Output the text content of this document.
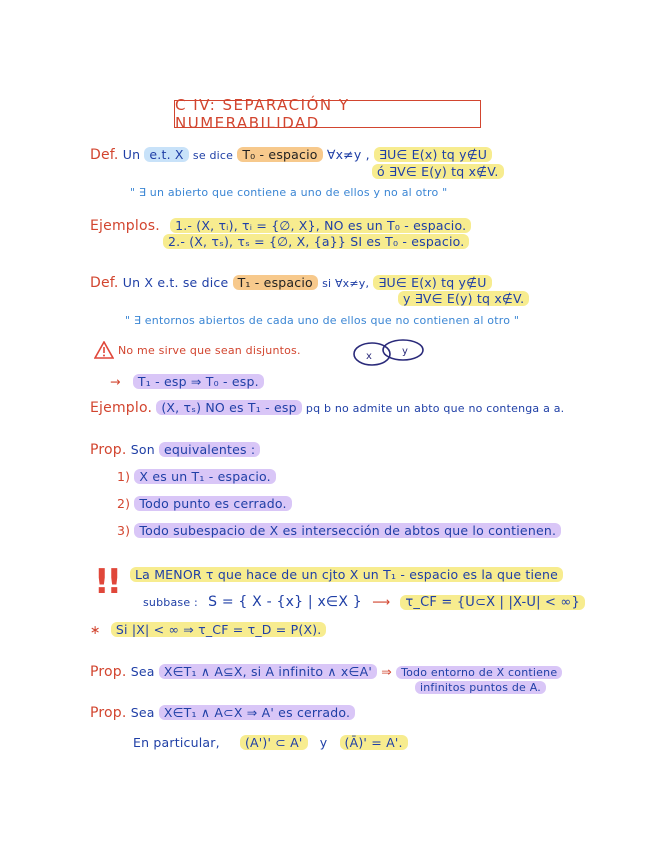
C IV: SEPARACIÓN Y NUMERABILIDAD
Def. Un e.t. X se dice T₀ - espacio ∀x≠y , ∃U∈ E(x) tq y∉U
ó ∃V∈ E(y) tq x∉V.
" ∃ un abierto que contiene a uno de ellos y no al otro "
Ejemplos. 1.- (X, τᵢ), τᵢ = {∅, X}, NO es un T₀ - espacio.
2.- (X, τₛ), τₛ = {∅, X, {a}} SI es T₀ - espacio.
Def. Un X e.t. se dice T₁ - espacio si ∀x≠y, ∃U∈ E(x) tq y∉U
y ∃V∈ E(y) tq x∉V.
" ∃ entornos abiertos de cada uno de ellos que no contienen al otro "
No me sirve que sean disjuntos.	x	y
→ T₁ - esp ⇒ T₀ - esp.
Ejemplo. (X, τₛ) NO es T₁ - esp pq b no admite un abto que no contenga a a.
Prop. Son equivalentes :
1) X es un T₁ - espacio.
2) Todo punto es cerrado.
3) Todo subespacio de X es intersección de abtos que lo contienen.
!!	La MENOR τ que hace de un cjto X un T₁ - espacio es la que tiene
subbase : S = { X - {x} | x∈X } ⟶ τ_CF = {U⊂X | |X-U| < ∞}
∗ Si |X| < ∞ ⇒ τ_CF = τ_D = P(X).
Prop. Sea X∈T₁ ∧ A⊆X, si A infinito ∧ x∈A' ⇒ Todo entorno de X contiene
infinitos puntos de A.
Prop. Sea X∈T₁ ∧ A⊂X ⇒ A' es cerrado.
En particular, (A')' ⊂ A' y (Ā)' = A'.
